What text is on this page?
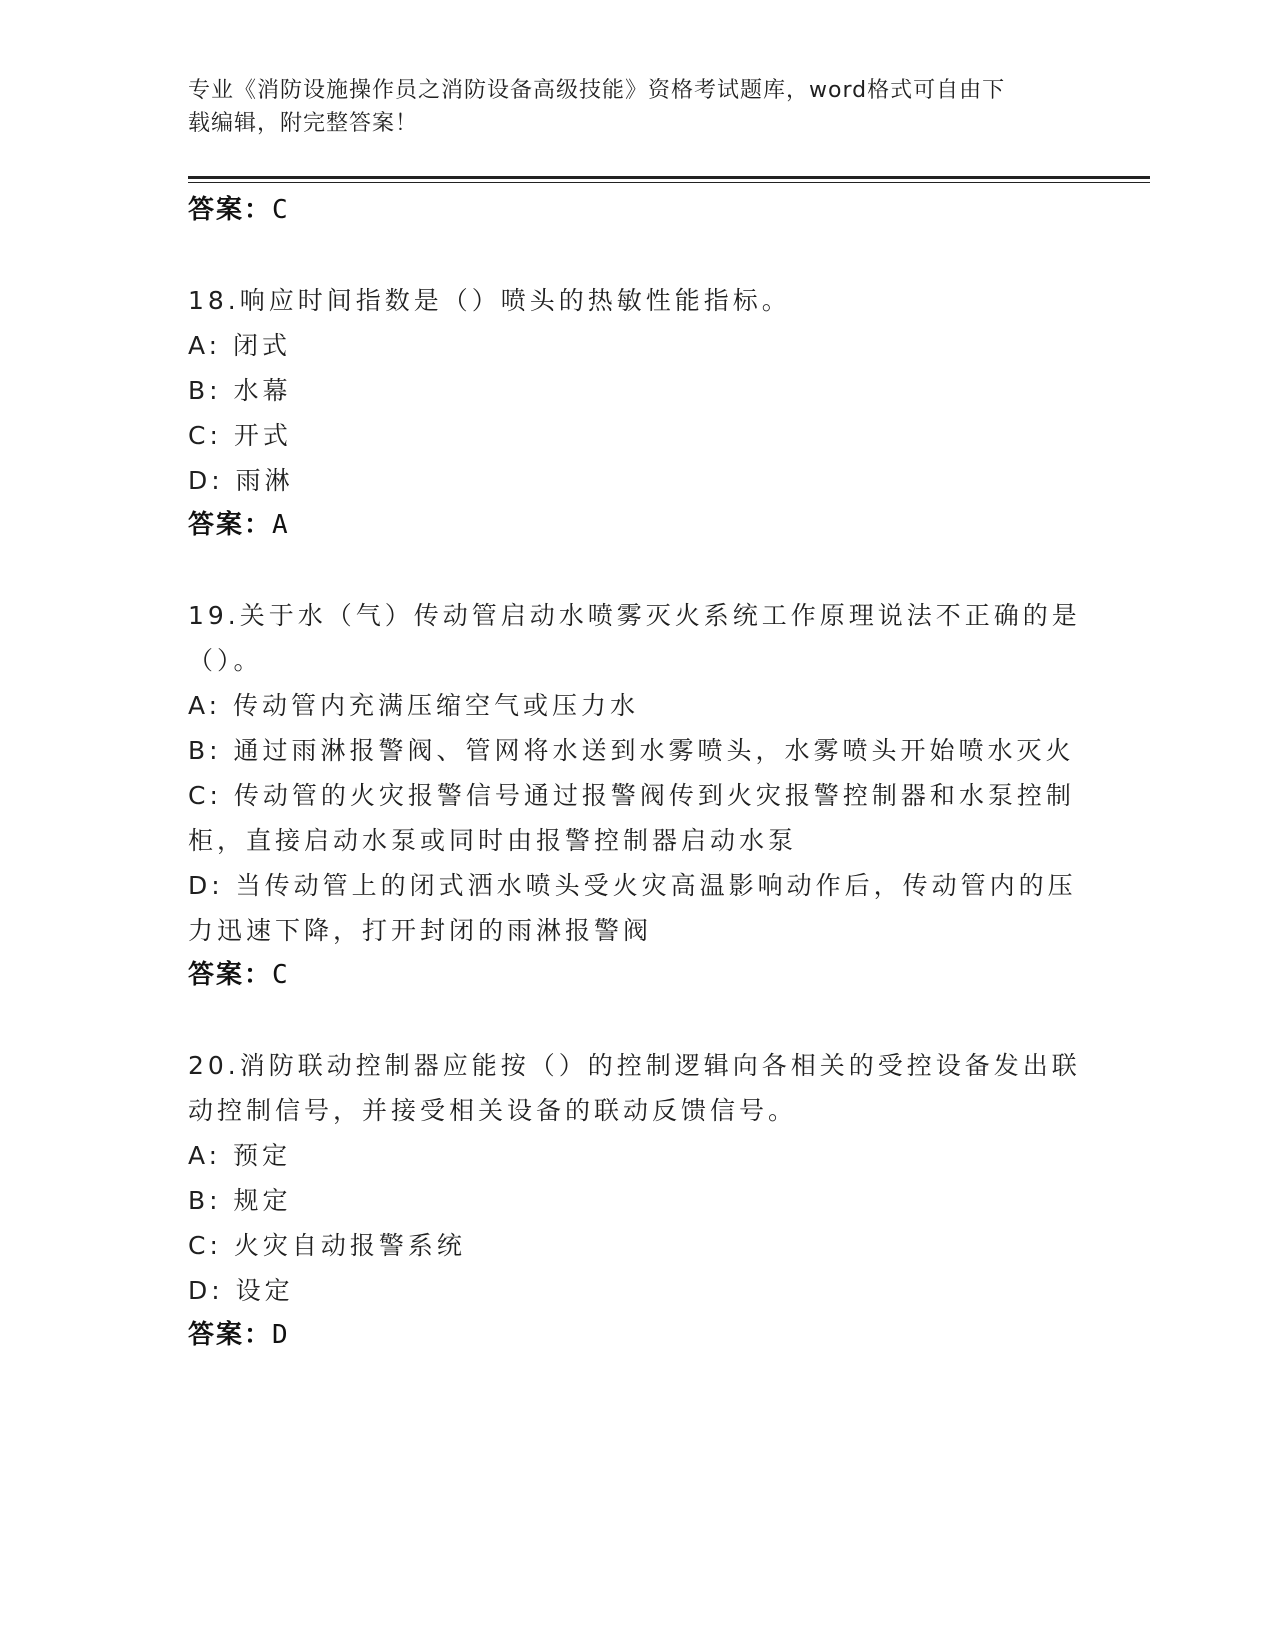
专业《消防设施操作员之消防设备高级技能》资格考试题库，word格式可自由下
载编辑，附完整答案！
答案：C
18.响应时间指数是（）喷头的热敏性能指标。
A: 闭式
B: 水幕
C: 开式
D: 雨淋
答案：A
19.关于水（气）传动管启动水喷雾灭火系统工作原理说法不正确的是
（）。
A: 传动管内充满压缩空气或压力水
B: 通过雨淋报警阀、管网将水送到水雾喷头，水雾喷头开始喷水灭火
C: 传动管的火灾报警信号通过报警阀传到火灾报警控制器和水泵控制
柜，直接启动水泵或同时由报警控制器启动水泵
D: 当传动管上的闭式洒水喷头受火灾高温影响动作后，传动管内的压
力迅速下降，打开封闭的雨淋报警阀
答案：C
20.消防联动控制器应能按（）的控制逻辑向各相关的受控设备发出联
动控制信号，并接受相关设备的联动反馈信号。
A: 预定
B: 规定
C: 火灾自动报警系统
D: 设定
答案：D
